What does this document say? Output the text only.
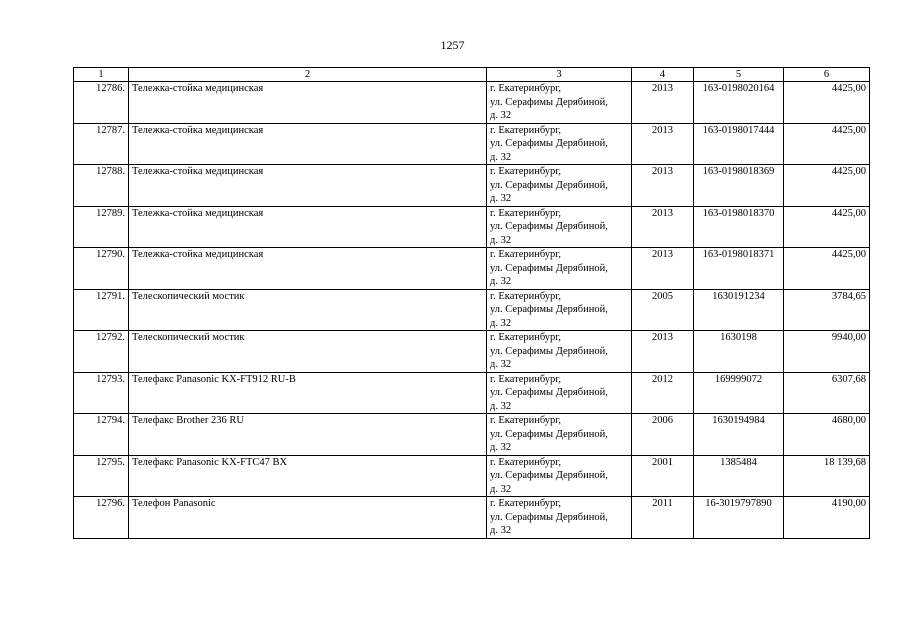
1257
1	2	3	4	5	6
12786.	Тележка-стойка медицинская	г. Екатеринбург,
ул. Серафимы Дерябиной,
д. 32	2013	163-0198020164	4425,00
12787.	Тележка-стойка медицинская	г. Екатеринбург,
ул. Серафимы Дерябиной,
д. 32	2013	163-0198017444	4425,00
12788.	Тележка-стойка медицинская	г. Екатеринбург,
ул. Серафимы Дерябиной,
д. 32	2013	163-0198018369	4425,00
12789.	Тележка-стойка медицинская	г. Екатеринбург,
ул. Серафимы Дерябиной,
д. 32	2013	163-0198018370	4425,00
12790.	Тележка-стойка медицинская	г. Екатеринбург,
ул. Серафимы Дерябиной,
д. 32	2013	163-0198018371	4425,00
12791.	Телескопический мостик	г. Екатеринбург,
ул. Серафимы Дерябиной,
д. 32	2005	1630191234	3784,65
12792.	Телескопический мостик	г. Екатеринбург,
ул. Серафимы Дерябиной,
д. 32	2013	1630198	9940,00
12793.	Телефакс Panasonic KX-FT912 RU-B	г. Екатеринбург,
ул. Серафимы Дерябиной,
д. 32	2012	169999072	6307,68
12794.	Телефакс Brother 236 RU	г. Екатеринбург,
ул. Серафимы Дерябиной,
д. 32	2006	1630194984	4680,00
12795.	Телефакс Panasonic KX-FTC47 BX	г. Екатеринбург,
ул. Серафимы Дерябиной,
д. 32	2001	1385484	18 139,68
12796.	Телефон Panasonic	г. Екатеринбург,
ул. Серафимы Дерябиной,
д. 32	2011	16-3019797890	4190,00
